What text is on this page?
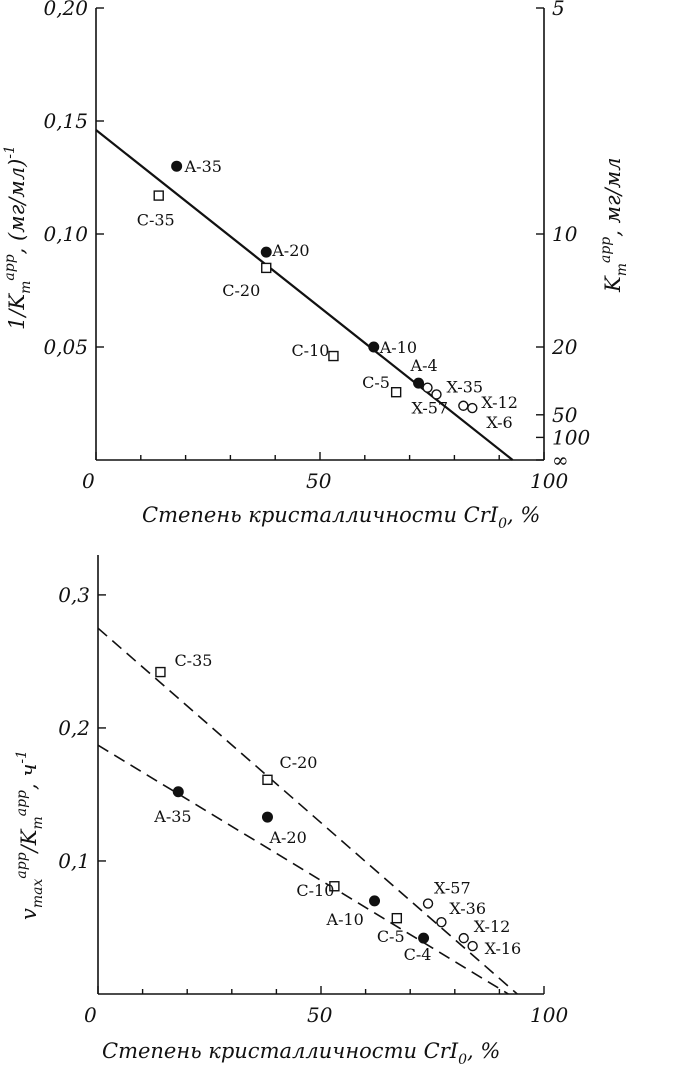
0	50	100
0,05
0,10
0,15
0,20	5
10
20
50
100
∞
A-35
A-20
A-10
A-4
C-35
C-20
C-10
C-5
X-57
X-35
X-12
X-6
Степень кристалличности CrI$_0$, %
$1/K_m^{app}$, $(мг/мл)^{-1}$
$K_m^{app}$, мг/мл
0	50	100
0,1
0,2
0,3
C-35
C-20
C-10
C-5
A-35
A-20
A-10
C-4
X-57
X-36
X-12
X-16
Степень кристалличности CrI$_0$, %
$v_{max}^{app}/K_m^{app}$, $ч^{-1}$
